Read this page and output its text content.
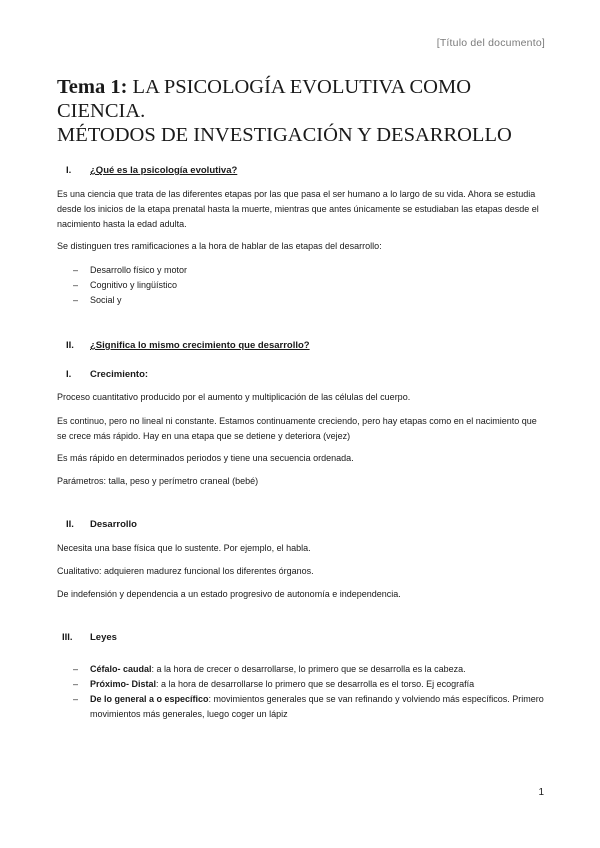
[Título del documento]
Tema 1: LA PSICOLOGÍA EVOLUTIVA COMO CIENCIA.
MÉTODOS DE INVESTIGACIÓN Y DESARROLLO
I. ¿Qué es la psicología evolutiva?
Es una ciencia que trata de las diferentes etapas por las que pasa el ser humano a lo largo de su vida. Ahora se estudia desde los inicios de la etapa prenatal hasta la muerte, mientras que antes únicamente se estudiaban las etapas desde el nacimiento hasta la edad adulta.
Se distinguen tres ramificaciones a la hora de hablar de las etapas del desarrollo:
– Desarrollo físico y motor
– Cognitivo y lingüístico
– Social y
II. ¿Significa lo mismo crecimiento que desarrollo?
I. Crecimiento:
Proceso cuantitativo producido por el aumento y multiplicación de las células del cuerpo.
Es continuo, pero no lineal ni constante. Estamos continuamente creciendo, pero hay etapas como en el nacimiento que se crece más rápido. Hay en una etapa que se detiene y deteriora (vejez)
Es más rápido en determinados periodos y tiene una secuencia ordenada.
Parámetros: talla, peso y perímetro craneal (bebé)
II. Desarrollo
Necesita una base física que lo sustente. Por ejemplo, el habla.
Cualitativo: adquieren madurez funcional los diferentes órganos.
De indefensión y dependencia a un estado progresivo de autonomía e independencia.
III. Leyes
– Céfalo- caudal: a la hora de crecer o desarrollarse, lo primero que se desarrolla es la cabeza.
– Próximo- Distal: a la hora de desarrollarse lo primero que se desarrolla es el torso. Ej ecografía
– De lo general a o específico: movimientos generales que se van refinando y volviendo más específicos. Primero movimientos más generales, luego coger un lápiz
1
